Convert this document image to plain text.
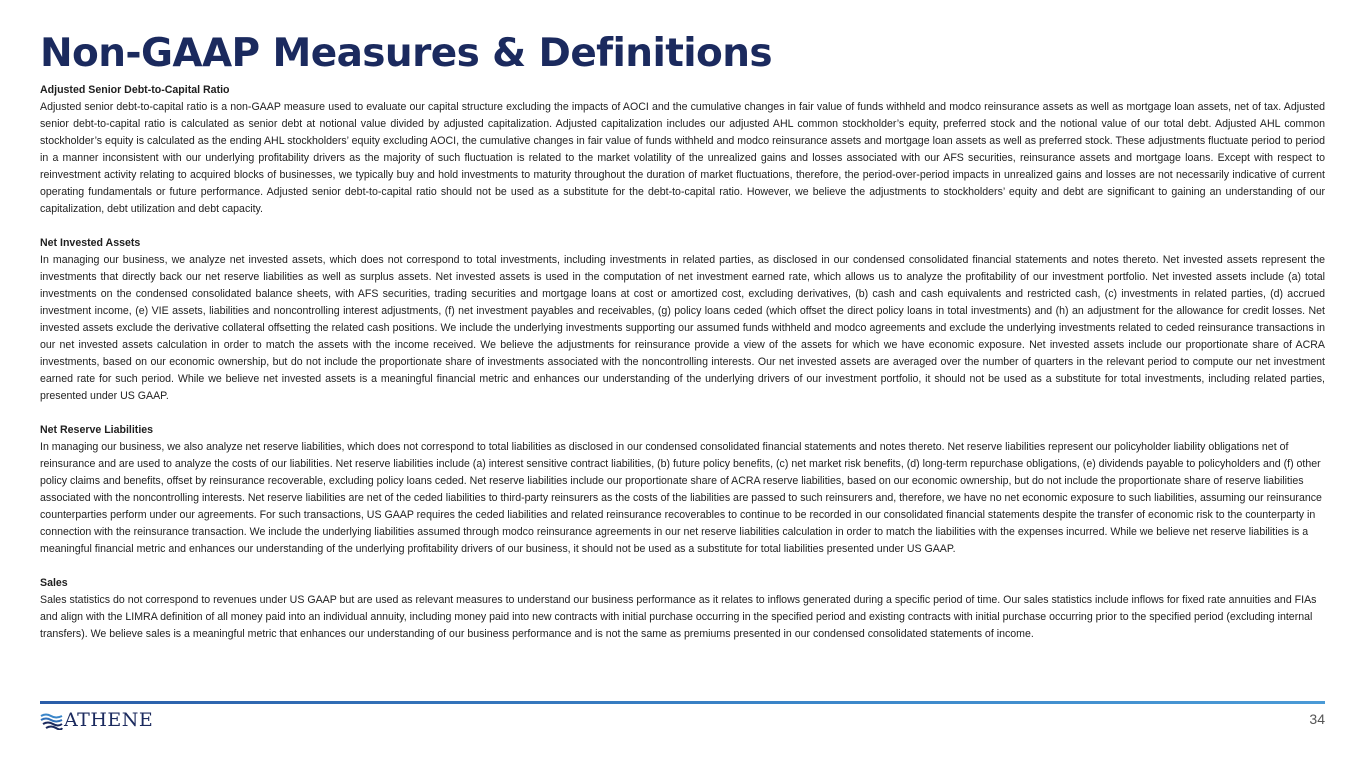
Non-GAAP Measures & Definitions
Adjusted Senior Debt-to-Capital Ratio

Adjusted senior debt-to-capital ratio is a non-GAAP measure used to evaluate our capital structure excluding the impacts of AOCI and the cumulative changes in fair value of funds withheld and modco reinsurance assets as well as mortgage loan assets, net of tax. Adjusted senior debt-to-capital ratio is calculated as senior debt at notional value divided by adjusted capitalization. Adjusted capitalization includes our adjusted AHL common stockholder’s equity, preferred stock and the notional value of our total debt. Adjusted AHL common stockholder’s equity is calculated as the ending AHL stockholders’ equity excluding AOCI, the cumulative changes in fair value of funds withheld and modco reinsurance assets and mortgage loan assets as well as preferred stock. These adjustments fluctuate period to period in a manner inconsistent with our underlying profitability drivers as the majority of such fluctuation is related to the market volatility of the unrealized gains and losses associated with our AFS securities, reinsurance assets and mortgage loans. Except with respect to reinvestment activity relating to acquired blocks of businesses, we typically buy and hold investments to maturity throughout the duration of market fluctuations, therefore, the period-over-period impacts in unrealized gains and losses are not necessarily indicative of current operating fundamentals or future performance. Adjusted senior debt-to-capital ratio should not be used as a substitute for the debt-to-capital ratio. However, we believe the adjustments to stockholders’ equity and debt are significant to gaining an understanding of our capitalization, debt utilization and debt capacity.

Net Invested Assets

In managing our business, we analyze net invested assets, which does not correspond to total investments, including investments in related parties, as disclosed in our condensed consolidated financial statements and notes thereto. Net invested assets represent the investments that directly back our net reserve liabilities as well as surplus assets. Net invested assets is used in the computation of net investment earned rate, which allows us to analyze the profitability of our investment portfolio. Net invested assets include (a) total investments on the condensed consolidated balance sheets, with AFS securities, trading securities and mortgage loans at cost or amortized cost, excluding derivatives, (b) cash and cash equivalents and restricted cash, (c) investments in related parties, (d) accrued investment income, (e) VIE assets, liabilities and noncontrolling interest adjustments, (f) net investment payables and receivables, (g) policy loans ceded (which offset the direct policy loans in total investments) and (h) an adjustment for the allowance for credit losses. Net invested assets exclude the derivative collateral offsetting the related cash positions. We include the underlying investments supporting our assumed funds withheld and modco agreements and exclude the underlying investments related to ceded reinsurance transactions in our net invested assets calculation in order to match the assets with the income received. We believe the adjustments for reinsurance provide a view of the assets for which we have economic exposure. Net invested assets include our proportionate share of ACRA investments, based on our economic ownership, but do not include the proportionate share of investments associated with the noncontrolling interests. Our net invested assets are averaged over the number of quarters in the relevant period to compute our net investment earned rate for such period. While we believe net invested assets is a meaningful financial metric and enhances our understanding of the underlying drivers of our investment portfolio, it should not be used as a substitute for total investments, including related parties, presented under US GAAP.

Net Reserve Liabilities

In managing our business, we also analyze net reserve liabilities, which does not correspond to total liabilities as disclosed in our condensed consolidated financial statements and notes thereto. Net reserve liabilities represent our policyholder liability obligations net of reinsurance and are used to analyze the costs of our liabilities. Net reserve liabilities include (a) interest sensitive contract liabilities, (b) future policy benefits, (c) net market risk benefits, (d) long-term repurchase obligations, (e) dividends payable to policyholders and (f) other policy claims and benefits, offset by reinsurance recoverable, excluding policy loans ceded. Net reserve liabilities include our proportionate share of ACRA reserve liabilities, based on our economic ownership, but do not include the proportionate share of reserve liabilities associated with the noncontrolling interests. Net reserve liabilities are net of the ceded liabilities to third-party reinsurers as the costs of the liabilities are passed to such reinsurers and, therefore, we have no net economic exposure to such liabilities, assuming our reinsurance counterparties perform under our agreements. For such transactions, US GAAP requires the ceded liabilities and related reinsurance recoverables to continue to be recorded in our consolidated financial statements despite the transfer of economic risk to the counterparty in connection with the reinsurance transaction. We include the underlying liabilities assumed through modco reinsurance agreements in our net reserve liabilities calculation in order to match the liabilities with the expenses incurred. While we believe net reserve liabilities is a meaningful financial metric and enhances our understanding of the underlying profitability drivers of our business, it should not be used as a substitute for total liabilities presented under US GAAP.

Sales

Sales statistics do not correspond to revenues under US GAAP but are used as relevant measures to understand our business performance as it relates to inflows generated during a specific period of time. Our sales statistics include inflows for fixed rate annuities and FIAs and align with the LIMRA definition of all money paid into an individual annuity, including money paid into new contracts with initial purchase occurring in the specified period and existing contracts with initial purchase occurring prior to the specified period (excluding internal transfers). We believe sales is a meaningful metric that enhances our understanding of our business performance and is not the same as premiums presented in our condensed consolidated statements of income.

ATHENE	34
